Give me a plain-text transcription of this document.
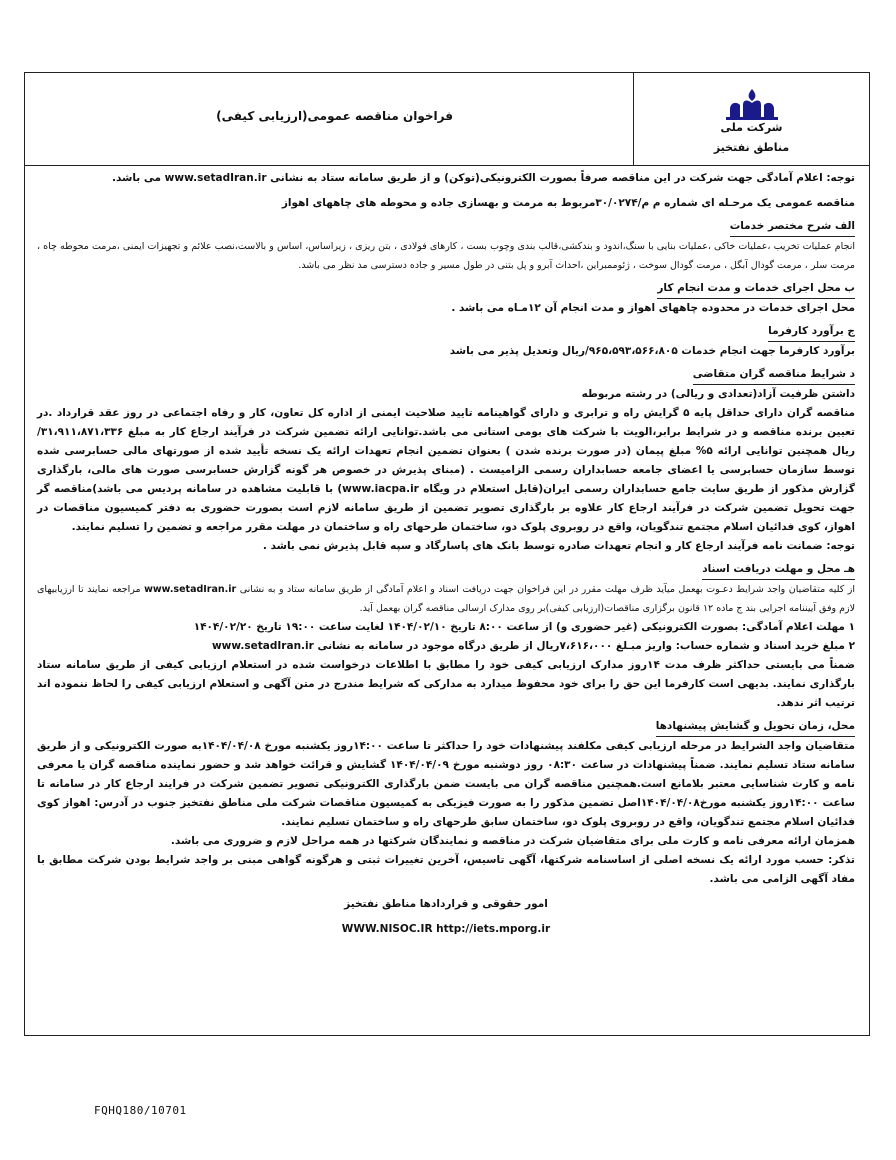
شرکت ملی
مناطق نفتخیز
فراخوان مناقصه عمومی(ارزیابی کیفی)

توجه: اعلام آمادگی جهت شرکت در این مناقصه صرفاً بصورت الکترونیکی(توکن) و از طریق سامانه ستاد به نشانی www.setadIran.ir می باشد.

مناقصه عمومی یک مرحـله ای شماره م م/۳۰/۰۲۷۴مربوط به مرمت و بهسازی جاده و محوطه های چاههای اهواز

الف شرح مختصر خدمات

انجام عملیات تخریب ،عملیات خاکی ،عملیات بنایی با سنگ،اندود و بندکشی،قالب بندی وچوب بست ، کارهای فولادی ، بتن ریزی ، زیراساس، اساس و بالاست،نصب علائم و تجهیزات ایمنی ،مرمت محوطه چاه ، مرمت سلر ، مرمت گودال آبگل ، مرمت گودال سوخت ، ژئوممبراین ،احداث آبرو و پل بتنی در طول مسیر و جاده دسترسی مد نظر می باشد.

ب محل اجرای خدمات و مدت انجام کار

محل اجرای خدمات در محدوده چاههای اهواز و مدت انجام آن ۱۲مـاه می باشد .

ج برآورد کارفرما

برآورد کارفرما جهت انجام خدمات ۹۶۵،۵۹۳،۵۶۶،۸۰۵/ریال وتعدیل پذیر می باشد

د شرایط مناقصه گران متقاضی

داشتن ظرفیت آزاد(تعدادی و ریالی) در رشته مربوطه

مناقصه گران دارای حداقل پایه ۵ گرایش راه و ترابری و دارای گواهینامه تایید صلاحیت ایمنی از اداره کل تعاون، کار و رفاه اجتماعی در روز عقد قرارداد .در تعیین برنده مناقصه و در شرایط برابر،الویت با شرکت های بومی استانی می باشد.توانایی ارائه تضمین شرکت در فرآیند ارجاع کار به مبلغ ۳۱،۹۱۱،۸۷۱،۳۳۶/ریال همچنین توانایی ارائه ۵% مبلغ پیمان (در صورت برنده شدن ) بعنوان تضمین انجام تعهدات ارائه یک نسخه تأیید شده از صورتهای مالی حسابرسی شده توسط سازمان حسابرسی یا اعضای جامعه حسابداران رسمی الزامیست . (مبنای پذیرش در خصوص هر گونه گزارش حسابرسی صورت های مالی، بارگذاری گزارش مذکور از طریق سایت جامع حسابداران رسمی ایران(قابل استعلام در ویگاه www.iacpa.ir) با قابلیت مشاهده در سامانه پردیس می باشد)مناقصه گر جهت تحویل تضمین شرکت در فرآیند ارجاع کار علاوه بر بارگذاری تصویر تضمین از طریق سامانه لازم است بصورت حضوری به دفتر کمیسیون مناقصات در اهواز، کوی فدائیان اسلام مجتمع تندگویان، واقع در روبروی پلوک دو، ساختمان طرحهای راه و ساختمان در مهلت مقرر مراجعه و تضمین را تسلیم نمایند.

توجه: ضمانت نامه فرآیند ارجاع کار و انجام تعهدات صادره توسط بانک های پاسارگاد و سپه قابل پذیرش نمی باشد .

هـ محل و مهلت دریافت اسناد

از کلیه متقاضیان واجد شرایط دعـوت بهعمل میآید ظرف مهلت مقرر در این فراخوان جهت دریافت اسناد و اعلام آمادگی از طریق سامانه ستاد و به نشانی www.setadIran.ir مراجعه نمایند تا ارزیابیهای لازم وفق آییننامه اجرایی بند ج ماده ۱۲ قانون برگزاری مناقصات(ارزیابی کیفی)بر روی مدارک ارسالی مناقصه گران بهعمل آید.

۱ مهلت اعلام آمادگی: بصورت الکترونیکی (غیر حضوری و) از ساعت ۸:۰۰ تاریخ ۱۴۰۴/۰۲/۱۰ لغایت ساعت ۱۹:۰۰ تاریخ ۱۴۰۴/۰۲/۲۰

۲ مبلغ خرید اسناد و شماره حساب: واریز مبـلغ ۷،۶۱۶،۰۰۰ریال از طریق درگاه موجود در سامانه به نشانی www.setadIran.ir

ضمناً می بایستی حداکثر ظرف مدت ۱۴روز مدارک ارزیابی کیفی خود را مطابق با اطلاعات درخواست شده در استعلام ارزیابی کیفی از طریق سامانه ستاد بارگذاری نمایند. بدیهی است کارفرما این حق را برای خود محفوظ میدارد به مدارکی که شرایط مندرج در متن آگهی و استعلام ارزیابی کیفی را لحاظ ننموده اند ترتیب اثر ندهد.

محل، زمان تحویل و گشایش پیشنهادها

متقاضیان واجد الشرایط در مرحله ارزیابی کیفی مکلفند پیشنهادات خود را حداکثر تا ساعت ۱۴:۰۰روز یکشنبه مورخ ۱۴۰۴/۰۴/۰۸به صورت الکترونیکی و از طریق سامانه ستاد تسلیم نمایند. ضمناً پیشنهادات در ساعت ۰۸:۳۰ روز دوشنبه مورخ ۱۴۰۴/۰۴/۰۹ گشایش و قرائت خواهد شد و حضور نماینده مناقصه گران یا معرفی نامه و کارت شناسایی معتبر بلامانع است.همچنین مناقصه گران می بایست ضمن بارگذاری الکترونیکی تصویر تضمین شرکت در فرایند ارجاع کار در سامانه تا ساعت ۱۴:۰۰روز یکشنبه مورخ۱۴۰۴/۰۴/۰۸اصل تضمین مذکور را به صورت فیزیکی به کمیسیون مناقصات شرکت ملی مناطق نفتخیز جنوب در آدرس: اهواز کوی فدائیان اسلام مجتمع تندگویان، واقع در روبروی پلوک دو، ساختمان سابق طرحهای راه و ساختمان تسلیم نمایند.

همزمان ارائه معرفی نامه و کارت ملی برای متقاضیان شرکت در مناقصه و نمایندگان شرکتها در همه مراحل لازم و ضروری می باشد.

تذکر: حسب مورد ارائه یک نسخه اصلی از اساسنامه شرکتها، آگهی تاسیس، آخرین تغییرات ثبتی و هرگونه گواهی مبنی بر واجد شرایط بودن شرکت مطابق با مفاد آگهی الزامی می باشد.

امور حقوقی و قراردادها مناطق نفتخیز
WWW.NISOC.IR http://iets.mporg.ir
FQHQ180/10701
